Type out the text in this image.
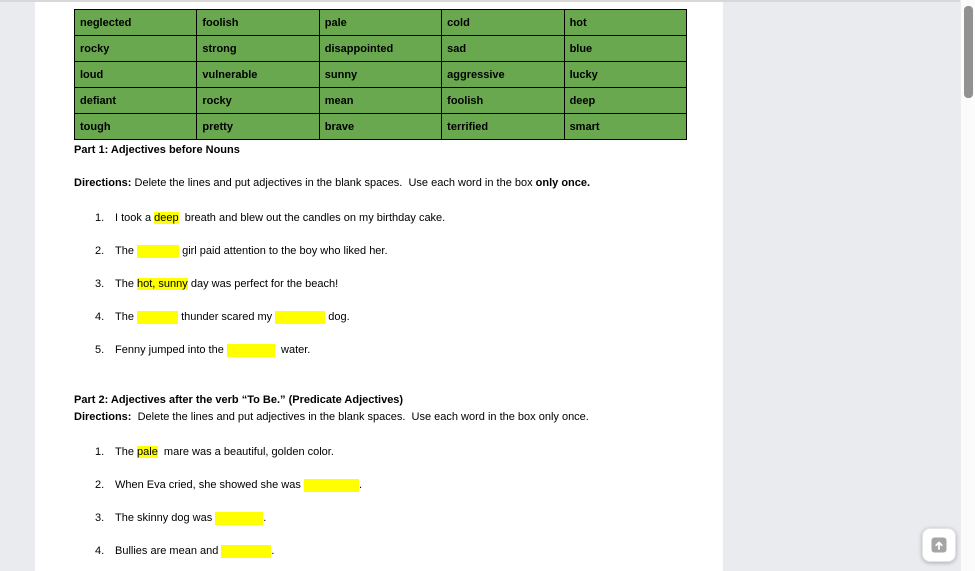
neglected	foolish	pale	cold	hot
rocky	strong	disappointed	sad	blue
loud	vulnerable	sunny	aggressive	lucky
defiant	rocky	mean	foolish	deep
tough	pretty	brave	terrified	smart
Part 1: Adjectives before Nouns

Directions: Delete the lines and put adjectives in the blank spaces.  Use each word in the box only once.

1. I took a deep  breath and blew out the candles on my birthday cake.
2. The	girl paid attention to the boy who liked her.
3. The hot, sunny day was perfect for the beach!
4. The	thunder scared my	dog.
5. Fenny jumped into the	water.
Part 2: Adjectives after the verb “To Be.” (Predicate Adjectives)

Directions:  Delete the lines and put adjectives in the blank spaces.  Use each word in the box only once.

1. The pale  mare was a beautiful, golden color.
2. When Eva cried, she showed she was	.
3. The skinny dog was	.
4. Bullies are mean and	.
